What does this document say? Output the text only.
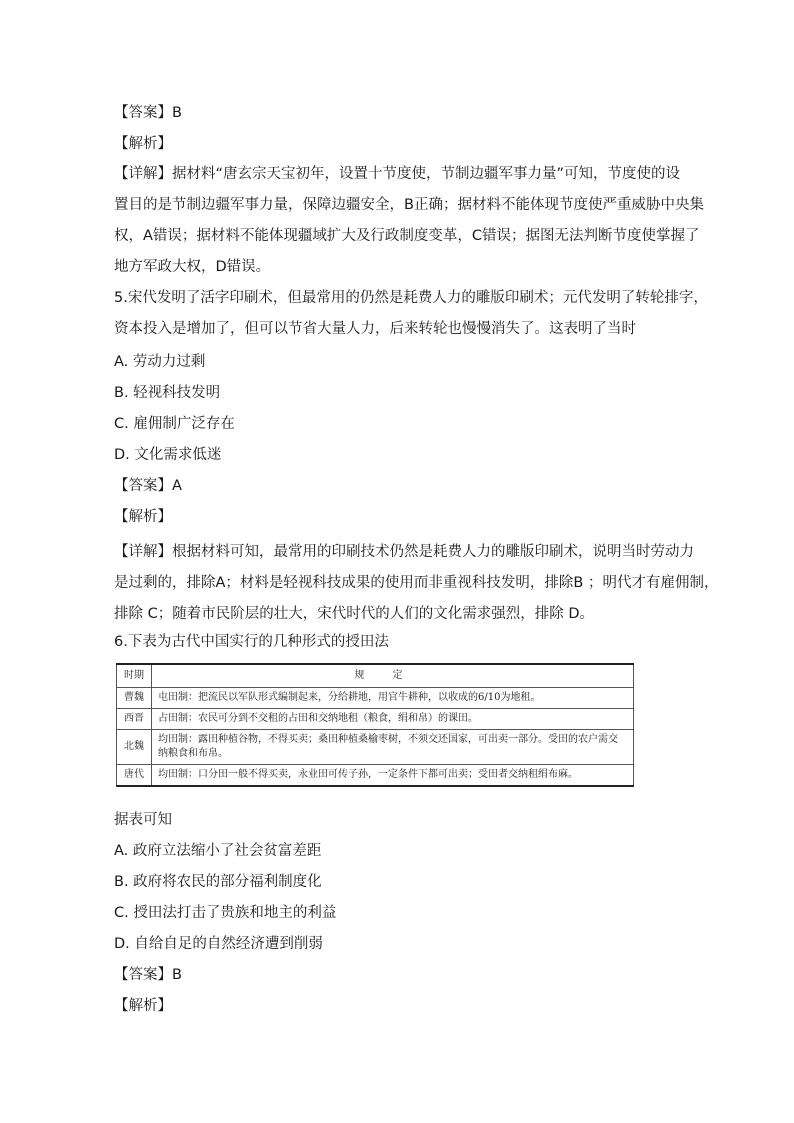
【答案】B
【解析】
【详解】据材料“唐玄宗天宝初年，设置十节度使，节制边疆军事力量”可知，节度使的设
置目的是节制边疆军事力量，保障边疆安全，B正确；据材料不能体现节度使严重威胁中央集
权，A错误；据材料不能体现疆域扩大及行政制度变革，C错误；据图无法判断节度使掌握了
地方军政大权，D错误。
5.宋代发明了活字印刷术，但最常用的仍然是耗费人力的雕版印刷术；元代发明了转轮排字，
资本投入是增加了，但可以节省大量人力，后来转轮也慢慢消失了。这表明了当时
A. 劳动力过剩
B. 轻视科技发明
C. 雇佣制广泛存在
D. 文化需求低迷
【答案】A
【解析】
【详解】根据材料可知，最常用的印刷技术仍然是耗费人力的雕版印刷术，说明当时劳动力
是过剩的，排除A；材料是轻视科技成果的使用而非重视科技发明，排除B ；明代才有雇佣制，
排除 C；随着市民阶层的壮大，宋代时代的人们的文化需求强烈，排除 D。
6.下表为古代中国实行的几种形式的授田法
时期	规定
曹魏	屯田制：把流民以军队形式编制起来，分给耕地，用官牛耕种，以收成的6/10为地租。
西晋	占田制：农民可分到不交租的占田和交纳地租（粮食，绢和帛）的课田。
北魏	均田制：露田种植谷物，不得买卖；桑田种植桑榆枣树，不须交还国家，可出卖一部分。受田的农户需交纳粮食和布帛。
唐代	均田制：口分田一般不得买卖，永业田可传子孙，一定条件下都可出卖；受田者交纳租绢布麻。
据表可知
A. 政府立法缩小了社会贫富差距
B. 政府将农民的部分福利制度化
C. 授田法打击了贵族和地主的利益
D. 自给自足的自然经济遭到削弱
【答案】B
【解析】
